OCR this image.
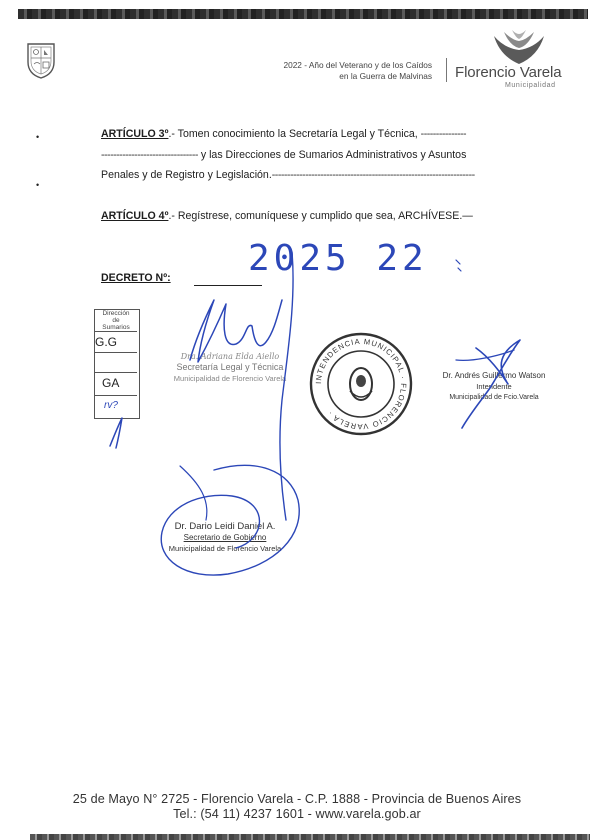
2022 - Año del Veterano y de los Caídos
en la Guerra de Malvinas Florencio Varela
Municipalidad
•
•
ARTÍCULO 3º.- Tomen conocimiento la Secretaría Legal y Técnica, ---------------
-------------------------------- y las Direcciones de Sumarios Administrativos y Asuntos
Penales y de Registro y Legislación.-------------------------------------------------------------------
ARTÍCULO 4º.- Regístrese, comuníquese y cumplido que sea, ARCHÍVESE.—
DECRETO Nº: 2025 22
Dirección
de
Sumarios
G.G
GA
rv?
Dra. Adriana Elda Aiello
Secretaría Legal y Técnica
Municipalidad de Florencio Varela	INTENDENCIA MUNICIPAL · FLORENCIO VARELA ·
Dr. Andrés Guillermo Watson
Intendente
Municipalidad de Fcio.Varela
Dr. Dario Leidi Daniel A.
Secretario de Gobierno
Municipalidad de Florencio Varela
25 de Mayo N° 2725 - Florencio Varela - C.P. 1888 - Provincia de Buenos Aires
Tel.: (54 11) 4237 1601 - www.varela.gob.ar
